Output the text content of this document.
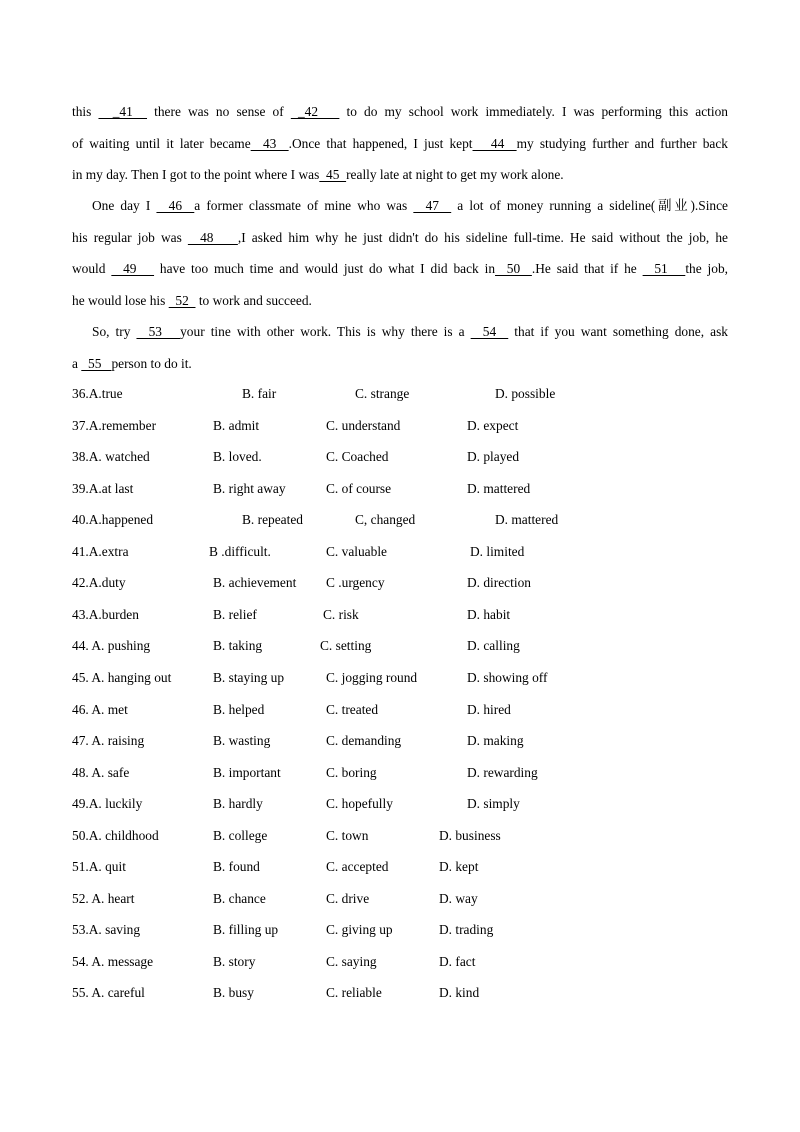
this   _41   there was no sense of  _42    to do my school work immediately. I was performing this action
of waiting until it later became  43  .Once that happened, I just kept   44  my studying further and further back
in my day. Then I got to the point where I was  45  really late at night to get my work alone.
One day I   46  a former classmate of mine who was   47   a lot of money running a sideline(副业).Since
his regular job was   48    ,I asked him why he just didn't do his sideline full-time. He said without the job, he
would   49    have too much time and would just do what I did back in  50  .He said that if he   51   the job,
he would lose his   52   to work and succeed.
So, try   53   your tine with other work. This is why there is a   54   that if you want something done, ask
a   55   person to do it.
36.A.true	B. fair	C. strange	D. possible
37.A.remember	B. admit	C. understand	D. expect
38.A. watched	B. loved.	C. Coached	D. played
39.A.at last	B. right away	C. of course	D. mattered
40.A.happened	B. repeated	C, changed	D. mattered
41.A.extra	B .difficult.	C. valuable	D. limited
42.A.duty	B. achievement C .urgency	D. direction
43.A.burden	B. relief	C. risk	D. habit
44. A. pushing	B. taking	C. setting	D. calling
45. A. hanging out	B. staying up	C. jogging round	D. showing off
46. A. met	B. helped	C. treated	D. hired
47. A. raising	B. wasting	C. demanding	D. making
48. A. safe	B. important	C. boring	D. rewarding
49.A. luckily	B. hardly	C. hopefully	D. simply
50.A. childhood	B. college	C. town	D. business
51.A. quit	B. found	C. accepted	D. kept
52. A. heart	B. chance	C. drive	D. way
53.A. saving	B. filling up	C. giving up	D. trading
54. A. message	B. story	C. saying	D. fact
55. A. careful	B. busy	C. reliable	D. kind
